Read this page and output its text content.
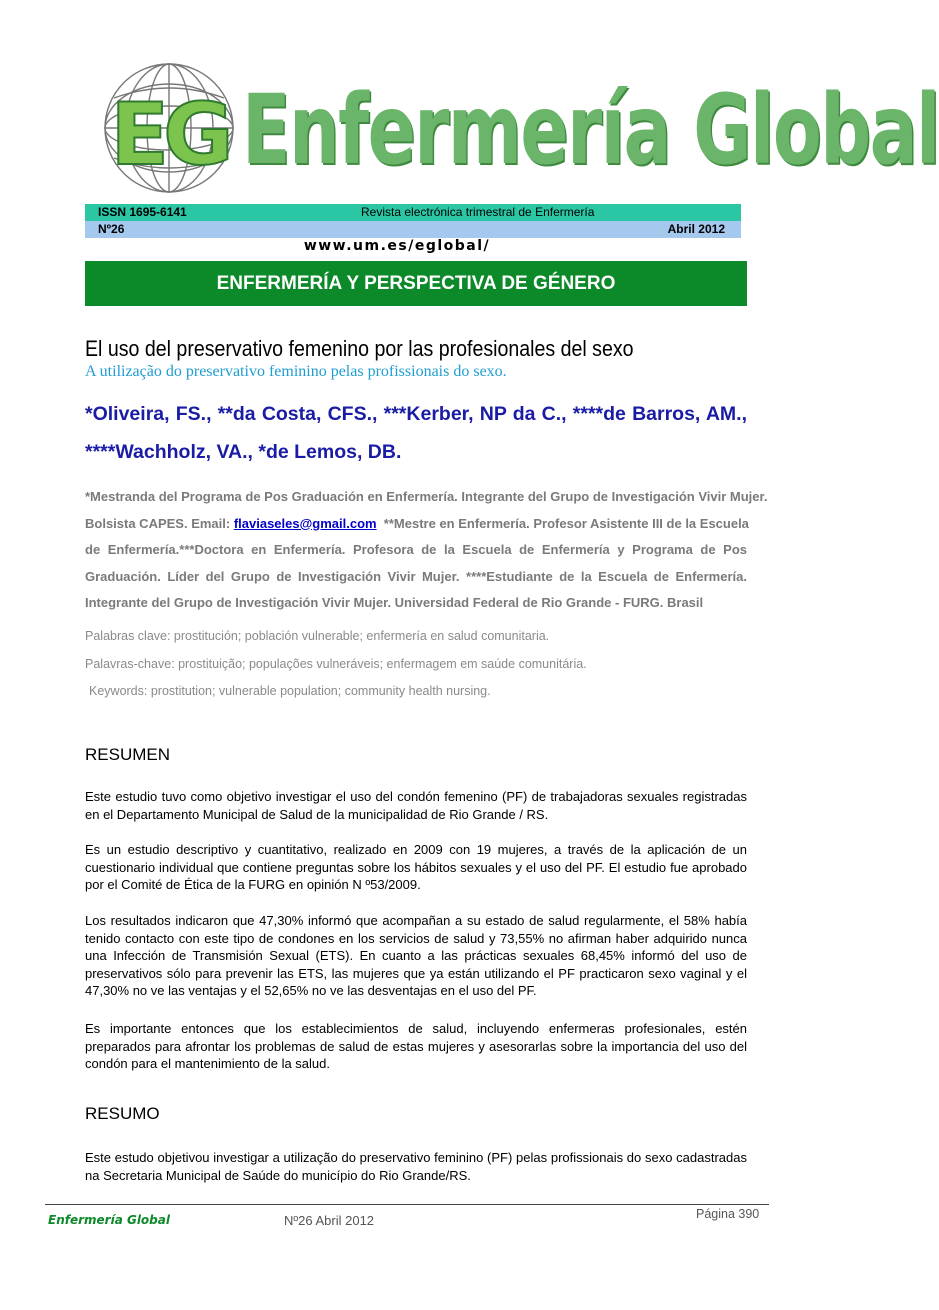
EG Enfermería Global
ISSN 1695-6141	Revista electrónica trimestral de Enfermería
Nº26	Abril 2012
www.um.es/eglobal/
ENFERMERÍA Y PERSPECTIVA DE GÉNERO
El uso del preservativo femenino por las profesionales del sexo
A utilização do preservativo feminino pelas profissionais do sexo.
*Oliveira, FS., **da Costa, CFS., ***Kerber, NP da C., ****de Barros, AM.,
****Wachholz, VA., *de Lemos, DB.
*Mestranda del Programa de Pos Graduación en Enfermería. Integrante del Grupo de Investigación Vivir Mujer.
Bolsista CAPES. Email: flaviaseles@gmail.com  **Mestre en Enfermería. Profesor Asistente III de la Escuela
de Enfermería.***Doctora en Enfermería. Profesora de la Escuela de Enfermería y Programa de Pos
Graduación. Líder del Grupo de Investigación Vivir Mujer. ****Estudiante de la Escuela de Enfermería.
Integrante del Grupo de Investigación Vivir Mujer. Universidad Federal de Rio Grande - FURG. Brasil
Palabras clave: prostitución; población vulnerable; enfermería en salud comunitaria.
Palavras-chave: prostituição; populações vulneráveis; enfermagem em saúde comunitária.
Keywords: prostitution; vulnerable population; community health nursing.
RESUMEN
Este estudio tuvo como objetivo investigar el uso del condón femenino (PF) de trabajadoras sexuales registradas en el Departamento Municipal de Salud de la municipalidad de Rio Grande / RS.
Es un estudio descriptivo y cuantitativo, realizado en 2009 con 19 mujeres, a través de la aplicación de un cuestionario individual que contiene preguntas sobre los hábitos sexuales y el uso del PF. El estudio fue aprobado por el Comité de Ética de la FURG en opinión N º53/2009.
Los resultados indicaron que 47,30% informó que acompañan a su estado de salud regularmente, el 58% había tenido contacto con este tipo de condones en los servicios de salud y 73,55% no afirman haber adquirido nunca una Infección de Transmisión Sexual (ETS). En cuanto a las prácticas sexuales 68,45% informó del uso de preservativos sólo para prevenir las ETS, las mujeres que ya están utilizando el PF practicaron sexo vaginal y el 47,30% no ve las ventajas y el 52,65% no ve las desventajas en el uso del PF.
Es importante entonces que los establecimientos de salud, incluyendo enfermeras profesionales, estén preparados para afrontar los problemas de salud de estas mujeres y asesorarlas sobre la importancia del uso del condón para el mantenimiento de la salud.
RESUMO
Este estudo objetivou investigar a utilização do preservativo feminino (PF) pelas profissionais do sexo cadastradas na Secretaria Municipal de Saúde do município do Rio Grande/RS.
Enfermería Global	Nº26 Abril 2012	Página 390
